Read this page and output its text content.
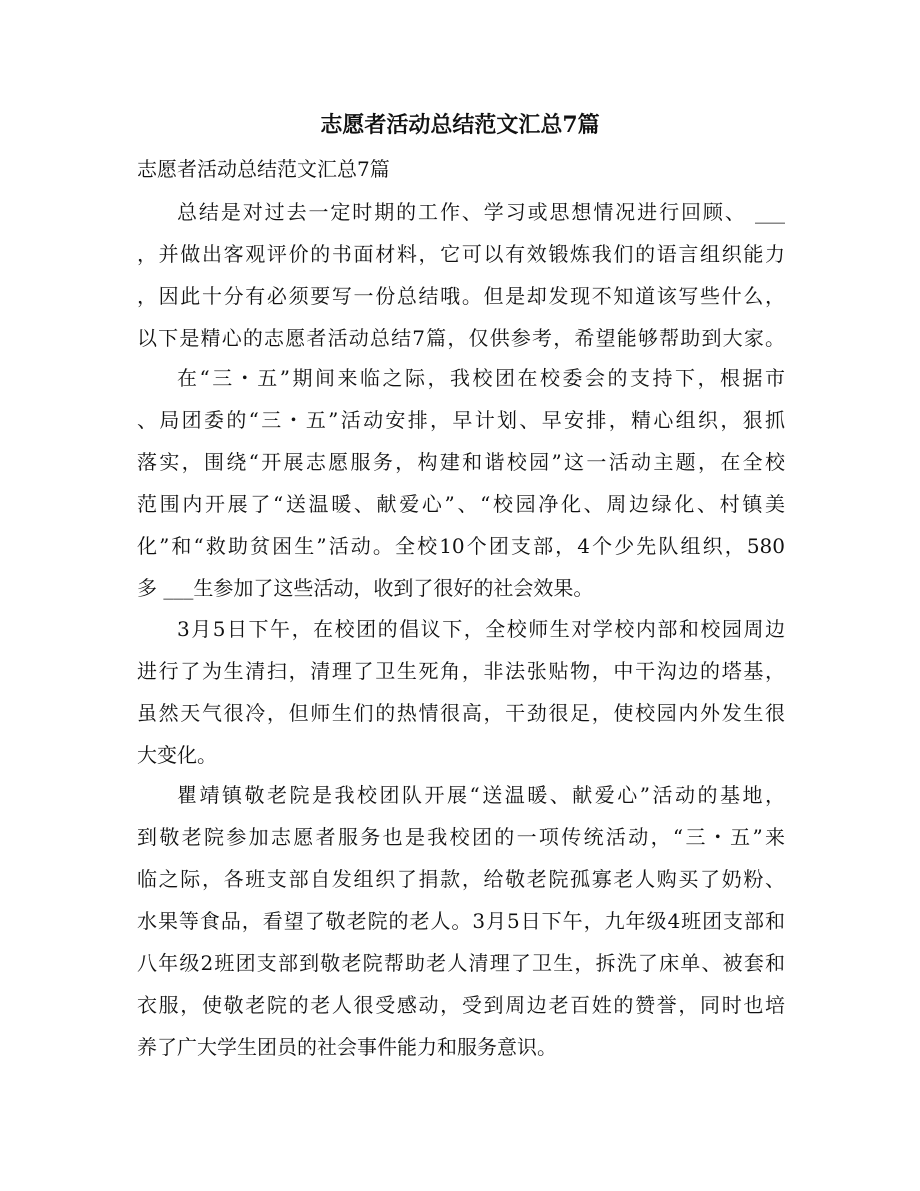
志愿者活动总结范文汇总7篇

志愿者活动总结范文汇总7篇

总结是对过去一定时期的工作、学习或思想情况进行回顾、 ___

，并做出客观评价的书面材料，它可以有效锻炼我们的语言组织能力

，因此十分有必须要写一份总结哦。但是却发现不知道该写些什么，

以下是精心的志愿者活动总结7篇，仅供参考，希望能够帮助到大家。

在“三・五”期间来临之际，我校团在校委会的支持下，根据市

、局团委的“三・五”活动安排，早计划、早安排，精心组织，狠抓

落实，围绕“开展志愿服务，构建和谐校园”这一活动主题，在全校

范围内开展了“送温暖、献爱心”、“校园净化、周边绿化、村镇美

化”和“救助贫困生”活动。全校10个团支部，4个少先队组织，580

多 ___生参加了这些活动，收到了很好的社会效果。

3月5日下午，在校团的倡议下，全校师生对学校内部和校园周边

进行了为生清扫，清理了卫生死角，非法张贴物，中干沟边的塔基，

虽然天气很冷，但师生们的热情很高，干劲很足，使校园内外发生很

大变化。

瞿靖镇敬老院是我校团队开展“送温暖、献爱心”活动的基地，

到敬老院参加志愿者服务也是我校团的一项传统活动，“三・五”来

临之际，各班支部自发组织了捐款，给敬老院孤寡老人购买了奶粉、

水果等食品，看望了敬老院的老人。3月5日下午，九年级4班团支部和

八年级2班团支部到敬老院帮助老人清理了卫生，拆洗了床单、被套和

衣服，使敬老院的老人很受感动，受到周边老百姓的赞誉，同时也培

养了广大学生团员的社会事件能力和服务意识。
